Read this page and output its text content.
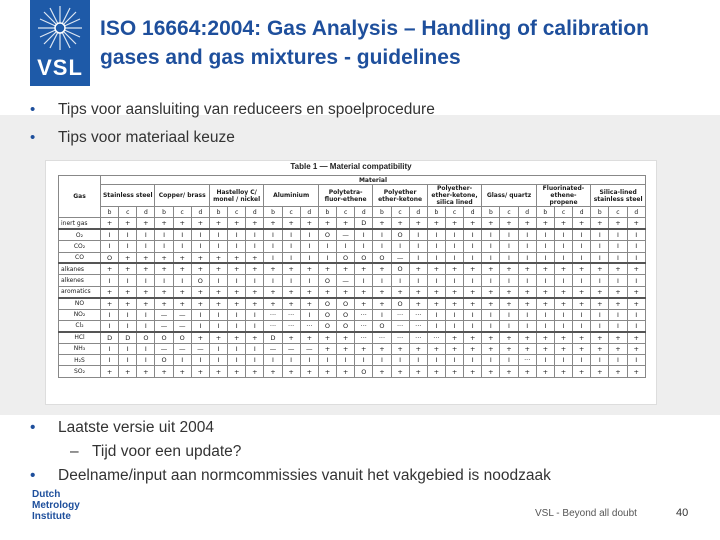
VSL
ISO 16664:2004: Gas Analysis – Handling of calibration gases and gas mixtures - guidelines
•	Tips voor aansluiting van reduceers en spoelprocedure
•	Tips voor materiaal keuze
Table 1 — Material compatibility
Gas	Material																													
	Stainless steel			Copper/ brass			Hastelloy C/ monel / nickel			Aluminium			Polytetra- fluor-ethene			Polyether ether-ketone			Polyether- ether-ketone, silica lined			Glass/ quartz			Fluorinated- ethene- propene			Silica-lined stainless steel		
	b	c	d	b	c	d	b	c	d	b	c	d	b	c	d	b	c	d	b	c	d	b	c	d	b	c	d	b	c	d
inert gas	+	+	+	+	+	+	+	+	+	+	+	+	+	+	D	+	+	+	+	+	+	+	+	+	+	+	+	+	+	+
O₂	I	I	I	I	I	I	I	I	I	I	I	I	O	—	I	I	O	I	I	I	I	I	I	I	I	I	I	I	I	I
CO₂	I	I	I	I	I	I	I	I	I	I	I	I	I	I	I	I	I	I	I	I	I	I	I	I	I	I	I	I	I	I
CO	O	+	+	+	+	+	+	+	+	I	I	I	I	O	O	O	—	I	I	I	I	I	I	I	I	I	I	I	I	I
alkanes	+	+	+	+	+	+	+	+	+	+	+	+	+	+	+	+	O	+	+	+	+	+	+	+	+	+	+	+	+	+
alkenes	I	I	I	I	I	O	I	I	I	I	I	I	O	—	I	I	I	I	I	I	I	I	I	I	I	I	I	I	I	I
aromatics	+	+	+	+	+	+	+	+	+	+	+	+	+	+	+	+	+	+	+	+	+	+	+	+	+	+	+	+	+	+
NO	+	+	+	+	+	+	+	+	+	+	+	+	O	O	+	+	O	+	+	+	+	+	+	+	+	+	+	+	+	+
NO₂	I	I	I	—	—	I	I	I	I	···	···	I	O	O	···	I	···	···	I	I	I	I	I	I	I	I	I	I	I	I
Cl₂	I	I	I	—	—	I	I	I	I	···	···	···	O	O	···	O	···	···	I	I	I	I	I	I	I	I	I	I	I	I
HCl	D	D	O	O	O	+	+	+	+	D	+	+	+	+	···	···	···	···	···	+	+	+	+	+	+	+	+	+	+	+
NH₃	I	I	I	—	—	—	I	I	I	—	—	—	+	+	+	+	+	+	+	+	+	+	+	+	+	+	+	+	+	+
H₂S	I	I	I	O	I	I	I	I	I	I	I	I	I	I	I	I	I	I	I	I	I	I	I	···	I	I	I	I	I	I
SO₂	+	+	+	+	+	+	+	+	+	+	+	+	+	+	O	+	+	+	+	+	+	+	+	+	+	+	+	+	+	+
•	Laatste versie uit 2004
– Tijd voor een update?
•	Deelname/input aan normcommissies vanuit het vakgebied is noodzaak
Dutch
Metrology
Institute	VSL - Beyond all doubt	40
